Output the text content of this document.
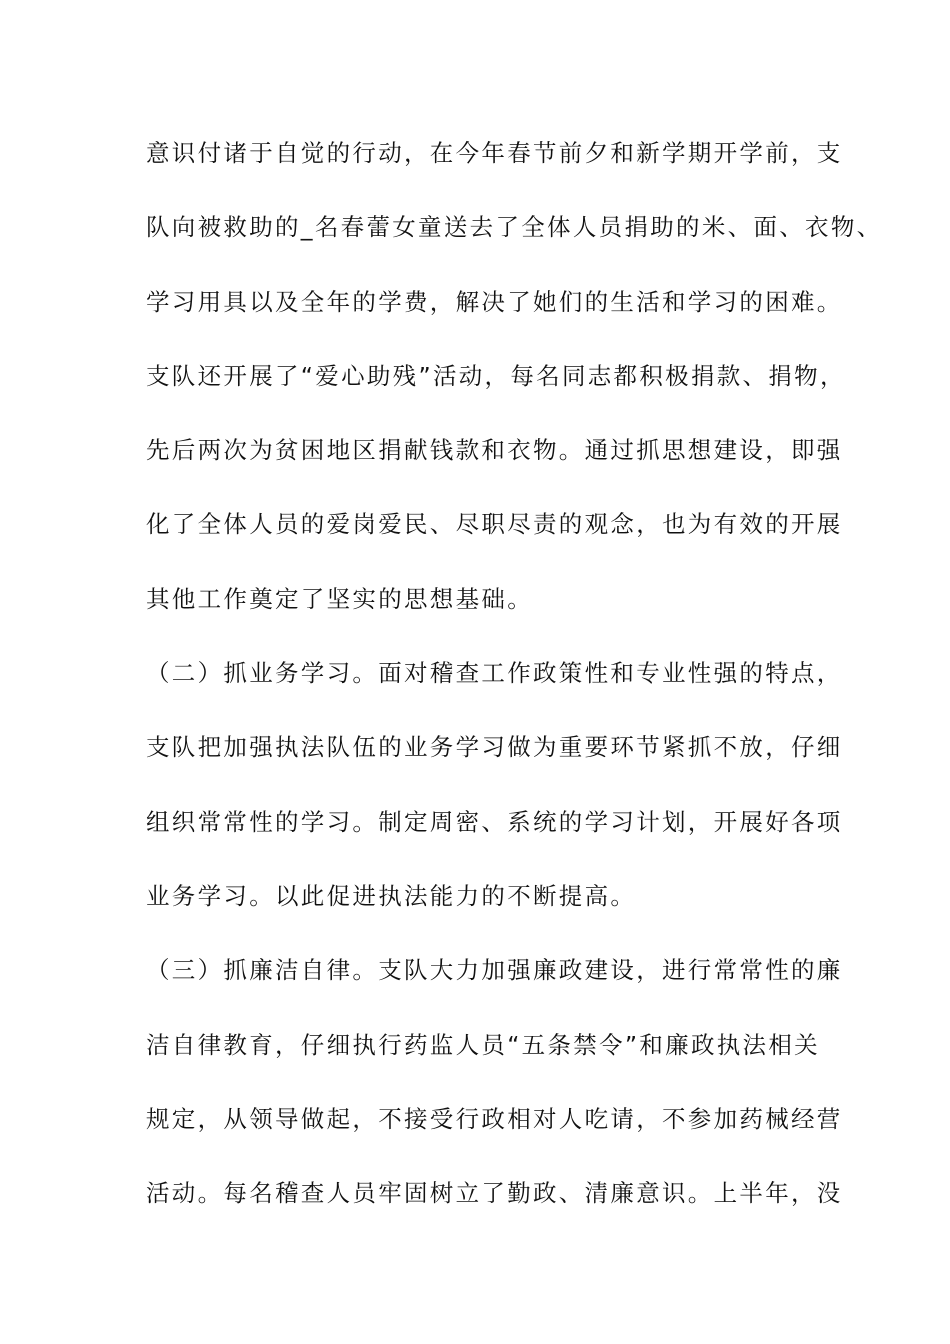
意识付诸于自觉的行动，在今年春节前夕和新学期开学前，支
队向被救助的_名春蕾女童送去了全体人员捐助的米、面、衣物、
学习用具以及全年的学费，解决了她们的生活和学习的困难。
支队还开展了“爱心助残”活动，每名同志都积极捐款、捐物，
先后两次为贫困地区捐献钱款和衣物。通过抓思想建设，即强
化了全体人员的爱岗爱民、尽职尽责的观念，也为有效的开展
其他工作奠定了坚实的思想基础。
（二）抓业务学习。面对稽查工作政策性和专业性强的特点，
支队把加强执法队伍的业务学习做为重要环节紧抓不放，仔细
组织常常性的学习。制定周密、系统的学习计划，开展好各项
业务学习。以此促进执法能力的不断提高。
（三）抓廉洁自律。支队大力加强廉政建设，进行常常性的廉
洁自律教育，仔细执行药监人员“五条禁令”和廉政执法相关
规定，从领导做起，不接受行政相对人吃请，不参加药械经营
活动。每名稽查人员牢固树立了勤政、清廉意识。上半年，没
